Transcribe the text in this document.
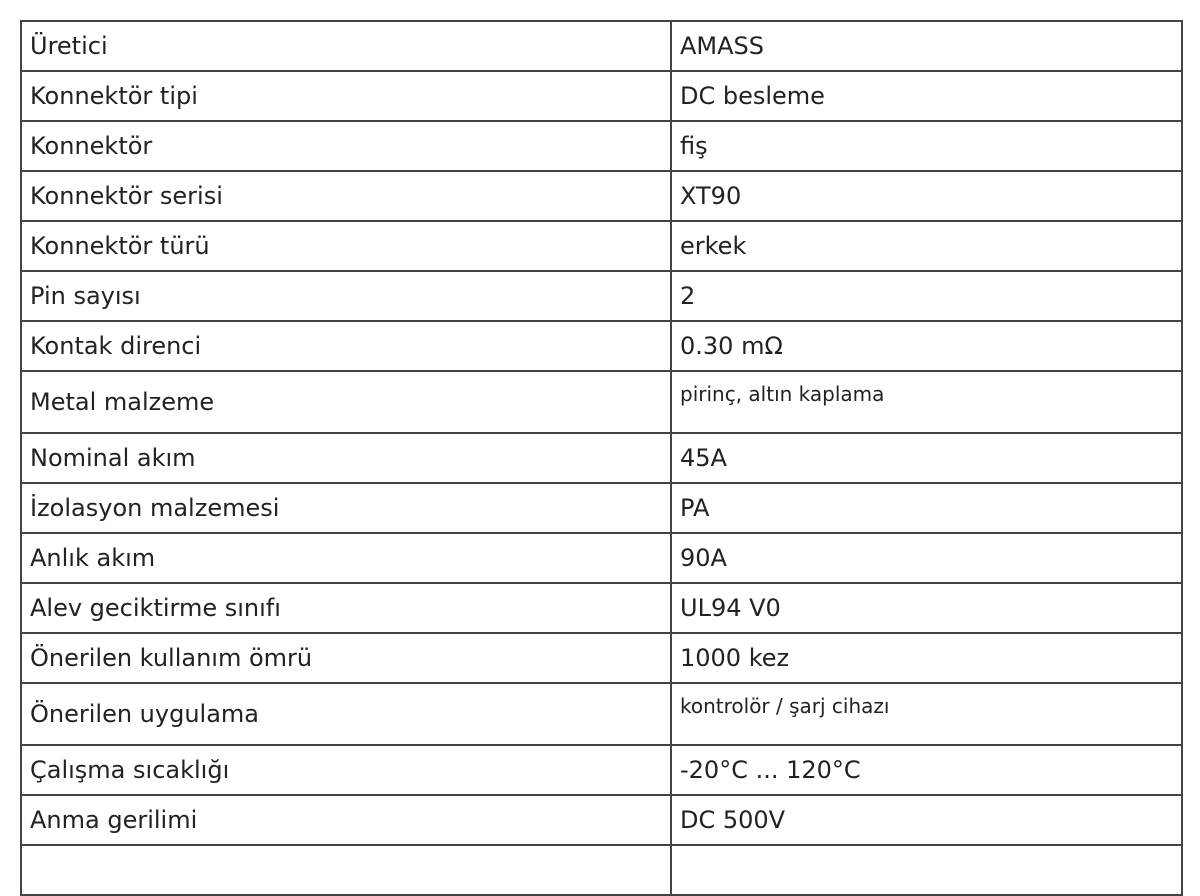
Üretici	AMASS
Konnektör tipi	DC besleme
Konnektör	fiş
Konnektör serisi	XT90
Konnektör türü	erkek
Pin sayısı	2
Kontak direnci	0.30 mΩ
Metal malzeme	pirinç, altın kaplama
Nominal akım	45A
İzolasyon malzemesi	PA
Anlık akım	90A
Alev geciktirme sınıfı	UL94 V0
Önerilen kullanım ömrü	1000 kez
Önerilen uygulama	kontrolör / şarj cihazı
Çalışma sıcaklığı	-20°C ... 120°C
Anma gerilimi	DC 500V
